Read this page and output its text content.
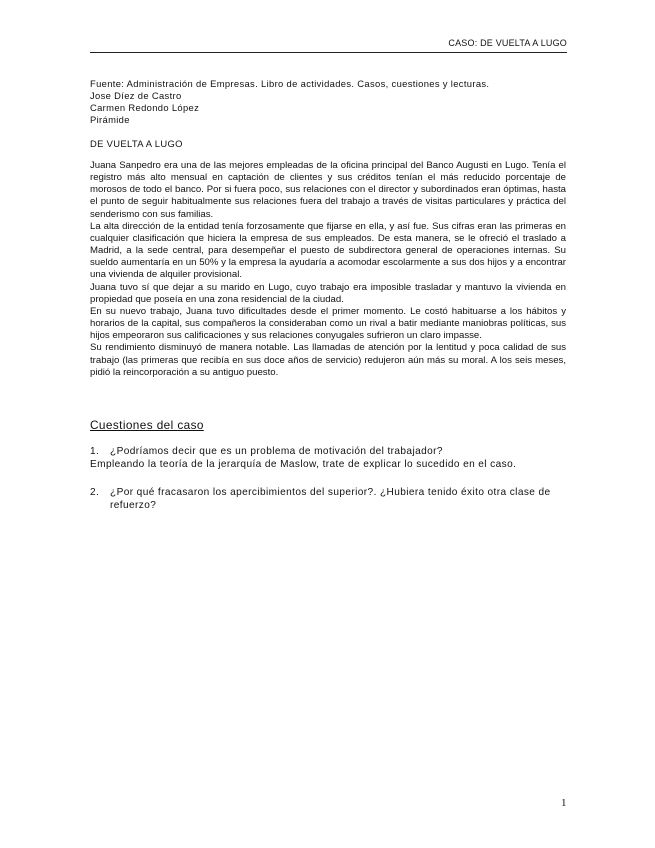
CASO: DE VUELTA A LUGO
Fuente: Administración de Empresas. Libro de actividades. Casos, cuestiones y lecturas.
Jose Díez de Castro
Carmen Redondo López
Pirámide
DE VUELTA A LUGO

Juana Sanpedro era una de las mejores empleadas de la oficina principal del Banco Augusti en Lugo. Tenía el registro más alto mensual en captación de clientes y sus créditos tenían el más reducido porcentaje de morosos de todo el banco. Por si fuera poco, sus relaciones con el director y subordinados eran óptimas, hasta el punto de seguir habitualmente sus relaciones fuera del trabajo a través de visitas particulares y práctica del senderismo con sus familias.

La alta dirección de la entidad tenía forzosamente que fijarse en ella, y así fue. Sus cifras eran las primeras en cualquier clasificación que hiciera la empresa de sus empleados. De esta manera, se le ofreció el traslado a Madrid, a la sede central, para desempeñar el puesto de subdirectora general de operaciones internas. Su sueldo aumentaría en un 50% y la empresa la ayudaría a acomodar escolarmente a sus dos hijos y a encontrar una vivienda de alquiler provisional.

Juana tuvo sí que dejar a su marido en Lugo, cuyo trabajo era imposible trasladar y mantuvo la vivienda en propiedad que poseía en una zona residencial de la ciudad.

En su nuevo trabajo, Juana tuvo dificultades desde el primer momento. Le costó habituarse a los hábitos y horarios de la capital, sus compañeros la consideraban como un rival a batir mediante maniobras políticas, sus hijos empeoraron sus calificaciones y sus relaciones conyugales sufrieron un claro impasse.

Su rendimiento disminuyó de manera notable. Las llamadas de atención por la lentitud y poca calidad de sus trabajo (las primeras que recibía en sus doce años de servicio) redujeron aún más su moral. A los seis meses, pidió la reincorporación a su antiguo puesto.

Cuestiones del caso

1. ¿Podríamos decir que es un problema de motivación del trabajador?

Empleando la teoría de la jerarquía de Maslow, trate de explicar lo sucedido en el caso.

2.	¿Por qué fracasaron los apercibimientos del superior?. ¿Hubiera tenido éxito otra clase de refuerzo?
1
